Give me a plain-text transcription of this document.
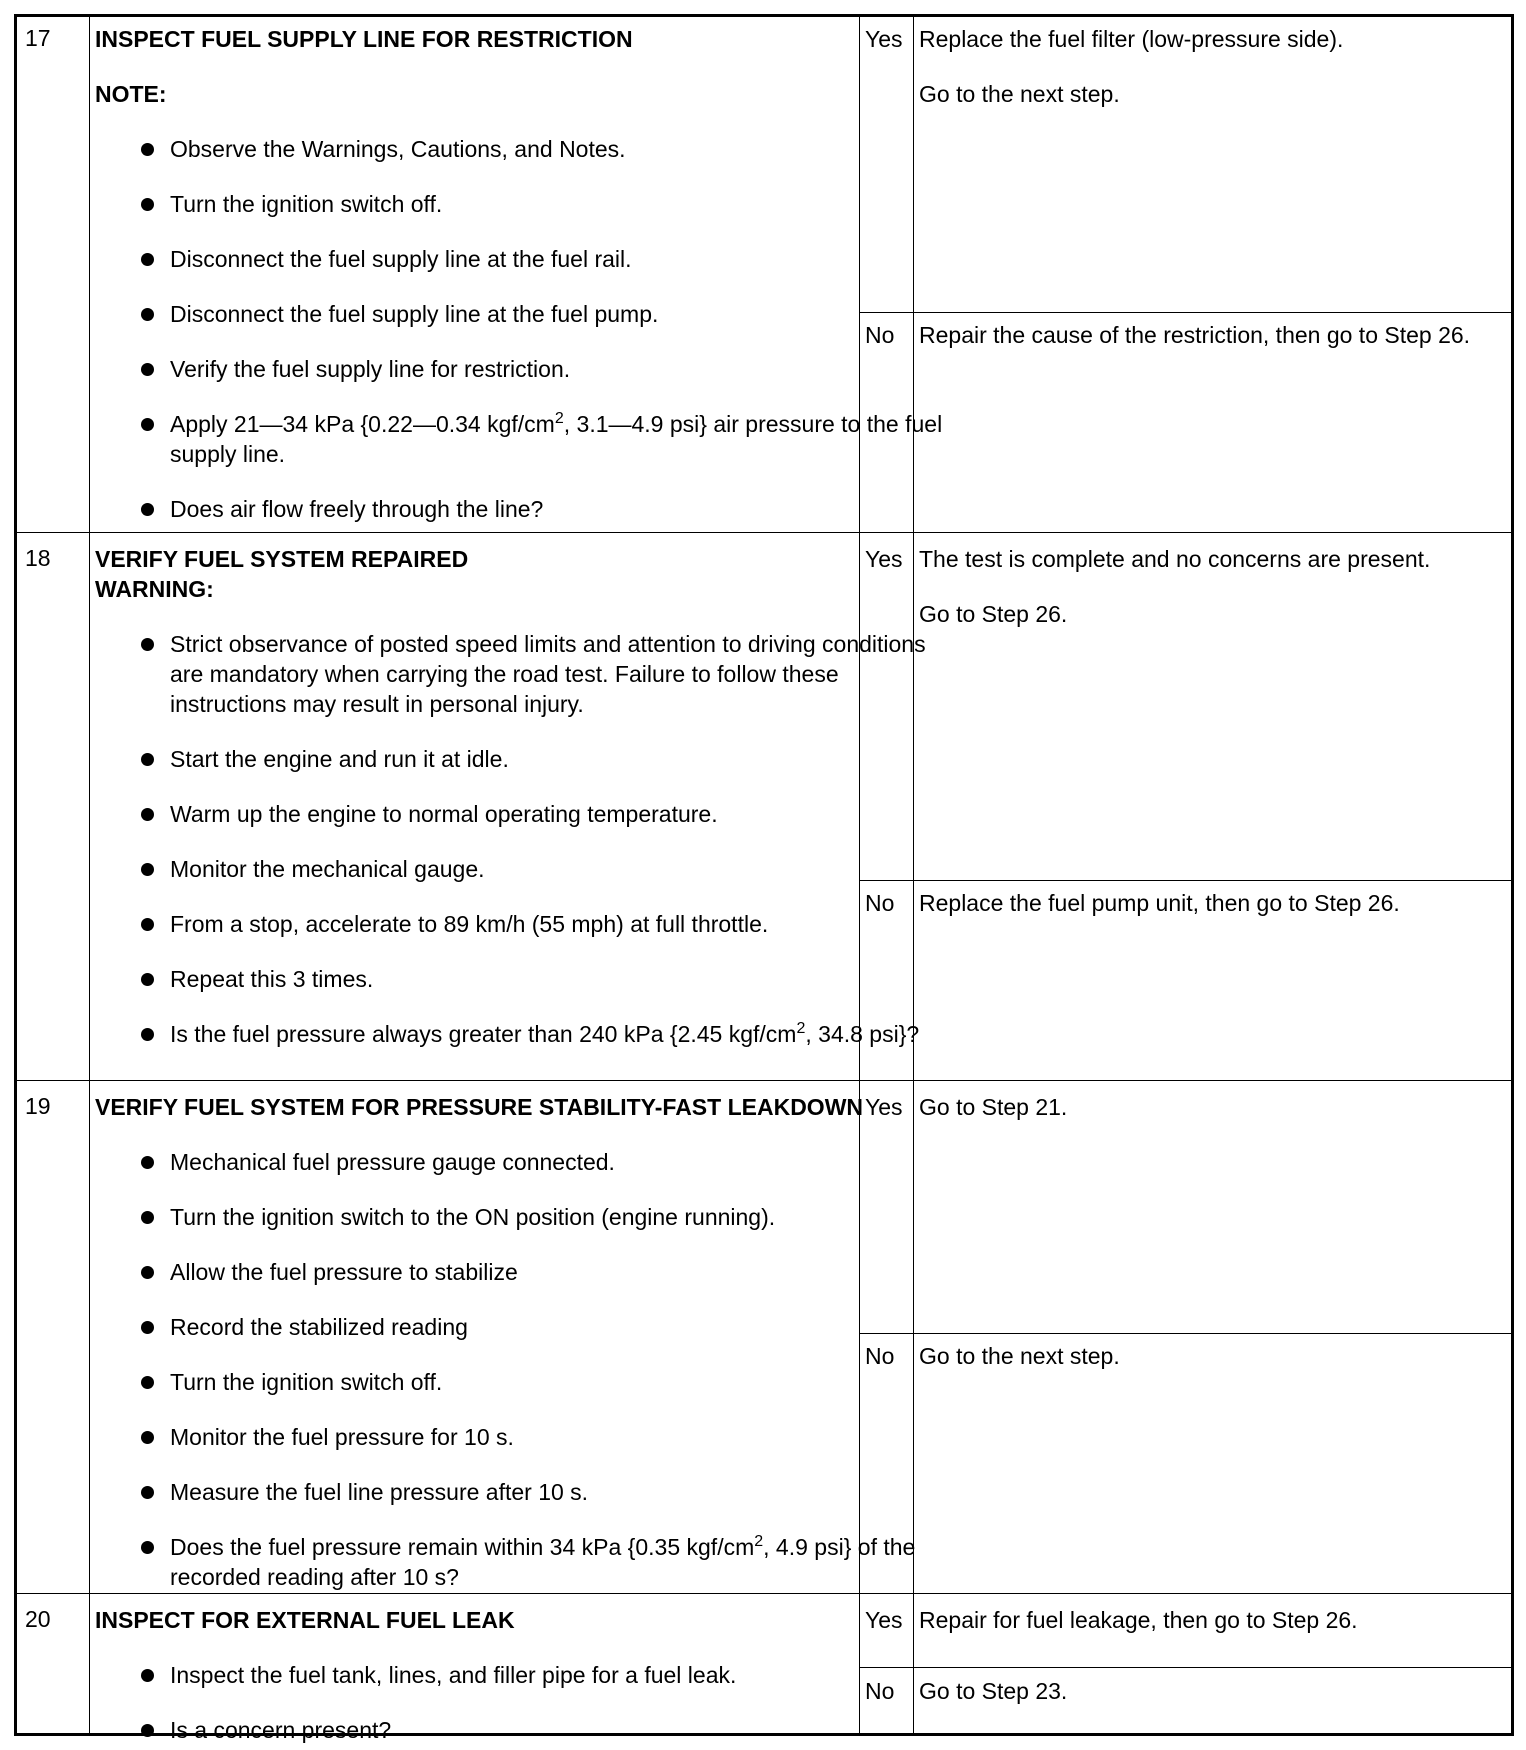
17 INSPECT FUEL SUPPLY LINE FOR RESTRICTION
NOTE:
Observe the Warnings, Cautions, and Notes.
Turn the ignition switch off.
Disconnect the fuel supply line at the fuel rail.
Disconnect the fuel supply line at the fuel pump.
Verify the fuel supply line for restriction.
Apply 21—34 kPa {0.22—0.34 kgf/$cm^2$, 3.1—4.9 psi} air pressure to the fuel supply line.
Does air flow freely through the line?
Yes Replace the fuel filter (low-pressure side).

Go to the next step.

No Repair the cause of the restriction, then go to Step 26.

18 VERIFY FUEL SYSTEM REPAIRED
WARNING:
Strict observance of posted speed limits and attention to driving conditions are mandatory when carrying the road test. Failure to follow these instructions may result in personal injury.
Start the engine and run it at idle.
Warm up the engine to normal operating temperature.
Monitor the mechanical gauge.
From a stop, accelerate to 89 km/h (55 mph) at full throttle.
Repeat this 3 times.
Is the fuel pressure always greater than 240 kPa {2.45 kgf/$cm^2$, 34.8 psi}?
Yes The test is complete and no concerns are present.

Go to Step 26.

No Replace the fuel pump unit, then go to Step 26.

19 VERIFY FUEL SYSTEM FOR PRESSURE STABILITY-FAST LEAKDOWN
Mechanical fuel pressure gauge connected.
Turn the ignition switch to the ON position (engine running).
Allow the fuel pressure to stabilize
Record the stabilized reading
Turn the ignition switch off.
Monitor the fuel pressure for 10 s.
Measure the fuel line pressure after 10 s.
Does the fuel pressure remain within 34 kPa {0.35 kgf/$cm^2$, 4.9 psi} of the recorded reading after 10 s?
Yes Go to Step 21.

No Go to the next step.

20 INSPECT FOR EXTERNAL FUEL LEAK
Inspect the fuel tank, lines, and filler pipe for a fuel leak.
Is a concern present?
Yes Repair for fuel leakage, then go to Step 26.

No Go to Step 23.
